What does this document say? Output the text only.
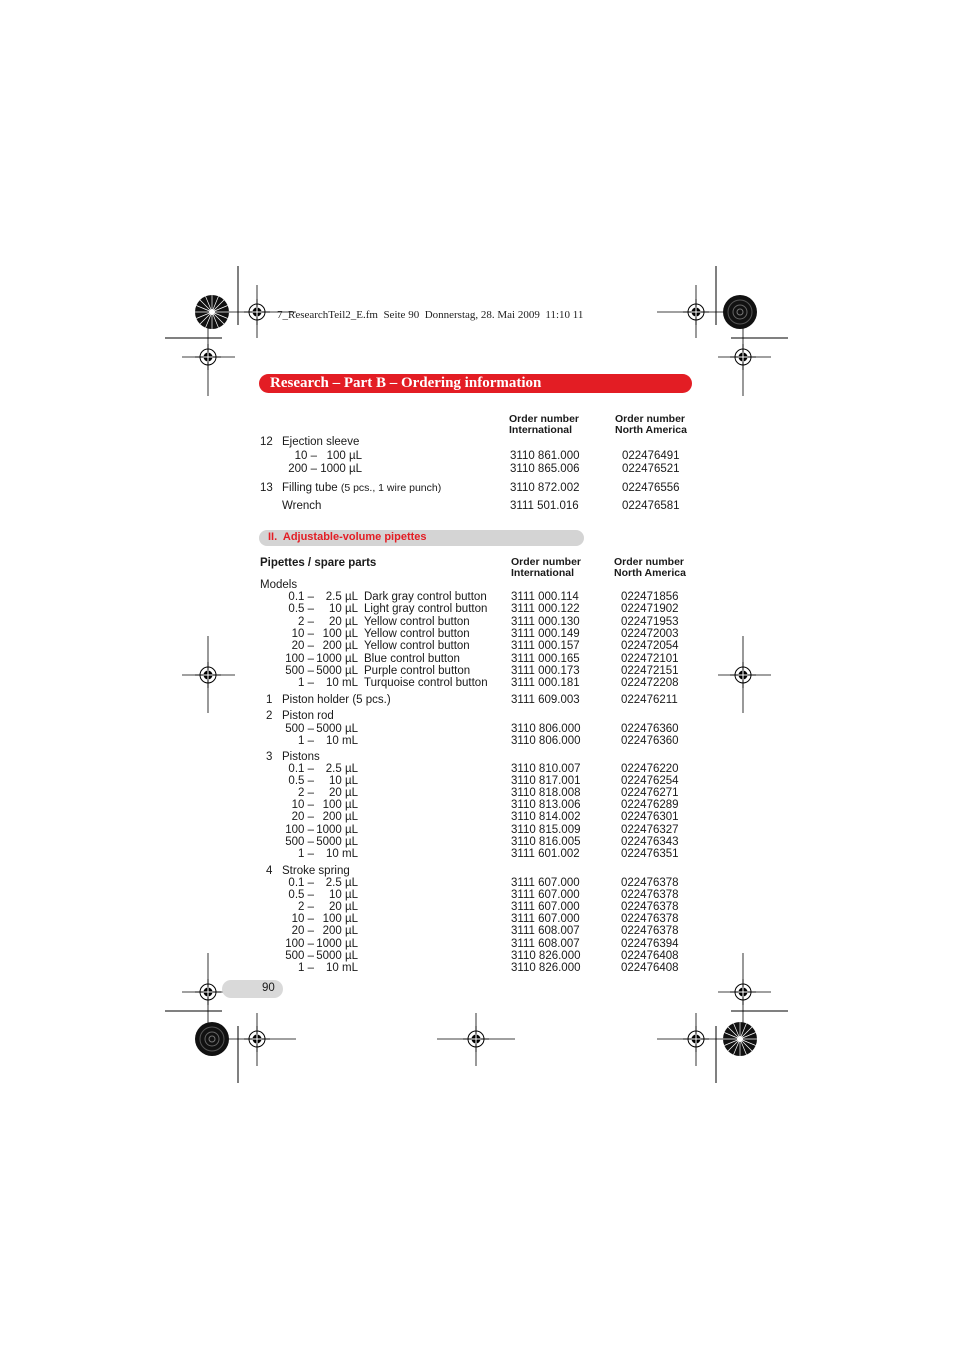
7_ResearchTeil2_E.fm  Seite 90  Donnerstag, 28. Mai 2009  11:10 11
Research – Part B – Ordering information
Order number
International
Order number
North America
12 Ejection sleeve
10 –   100 µL	3110 861.000	022476491
200 – 1000 µL	3110 865.006	022476521
13 Filling tube (5 pcs., 1 wire punch)	3110 872.002	022476556
Wrench	3111 501.016	022476581
II.  Adjustable-volume pipettes
Pipettes / spare parts	Order number
International
Order number
North America
Models
0.1 –	2.5 µL Dark gray control button 3111 000.114	022471856
0.5 –	10 µL Light gray control button 3111 000.122	022471902
2 –	20 µL Yellow control button	3111 000.130	022471953
10 – 100 µL Yellow control button	3111 000.149	022472003
20 – 200 µL Yellow control button	3111 000.157	022472054
100 – 1000 µL Blue control button	3111 000.165	022472101
500 – 5000 µL Purple control button	3111 000.173	022472151
1 –	10 mL Turquoise control button 3111 000.181	022472208
1 Piston holder (5 pcs.)	3111 609.003	022476211
2 Piston rod
500 – 5000 µL	3110 806.000	022476360
1 –	10 mL	3110 806.000	022476360
3 Pistons
0.1 –	2.5 µL	3110 810.007	022476220
0.5 –	10 µL	3110 817.001	022476254
2 –	20 µL	3110 818.008	022476271
10 – 100 µL	3110 813.006	022476289
20 – 200 µL	3110 814.002	022476301
100 – 1000 µL	3110 815.009	022476327
500 – 5000 µL	3110 816.005	022476343
1 –	10 mL	3111 601.002	022476351
4 Stroke spring
0.1 –	2.5 µL	3111 607.000	022476378
0.5 –	10 µL	3111 607.000	022476378
2 –	20 µL	3111 607.000	022476378
10 – 100 µL	3111 607.000	022476378
20 – 200 µL	3111 608.007	022476378
100 – 1000 µL	3111 608.007	022476394
500 – 5000 µL	3110 826.000	022476408
1 –	10 mL	3110 826.000	022476408
90
